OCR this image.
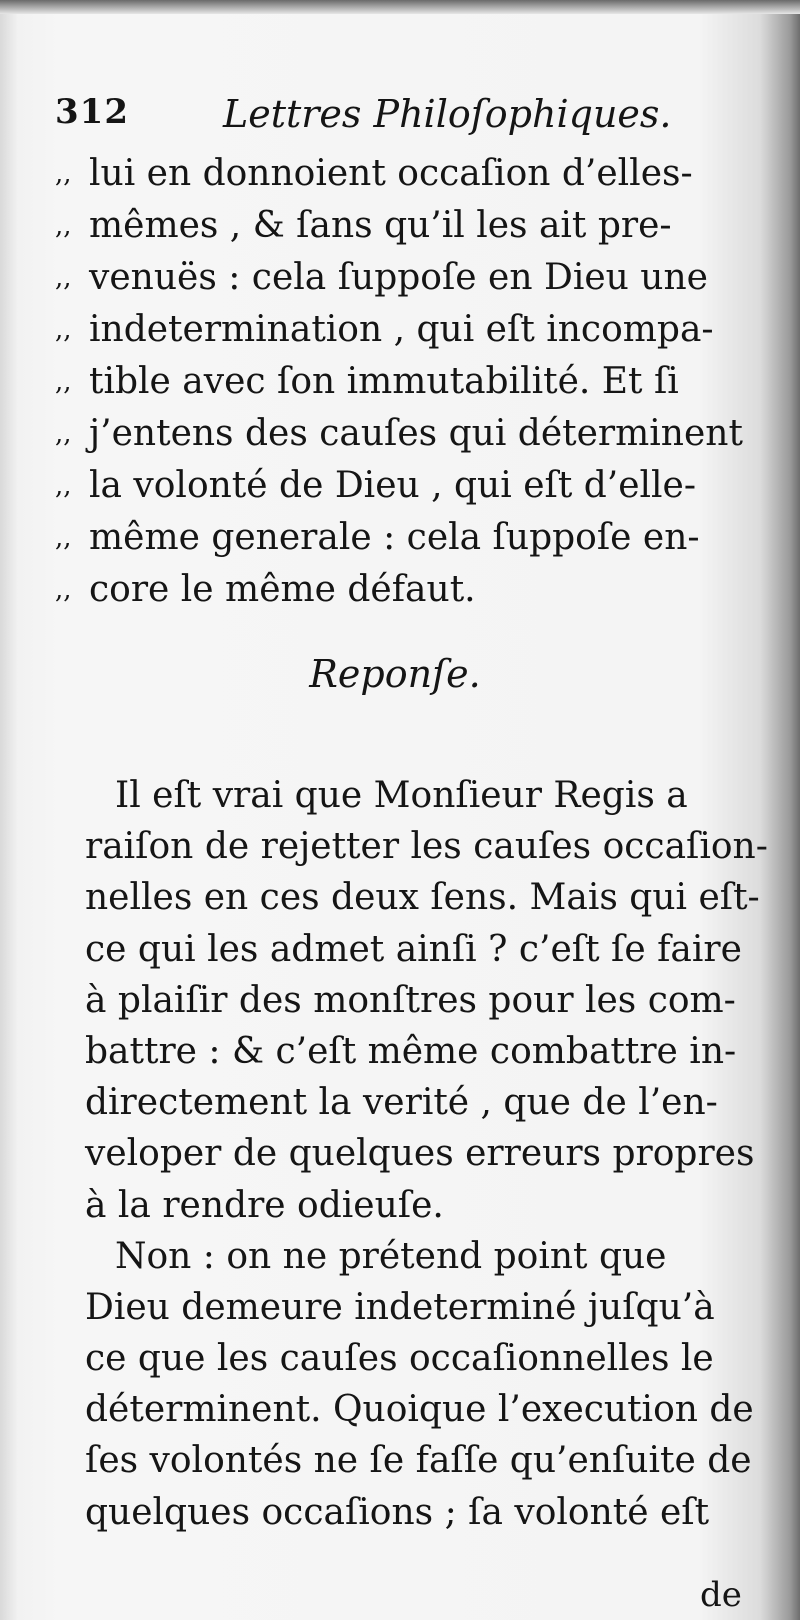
312 Lettres Philoſophiques.
,, lui en donnoient occaſion d’elles-
,, mêmes , & ſans qu’il les ait pre-
,, venuës : cela ſuppoſe en Dieu une
,, indetermination , qui eſt incompa-
,, tible avec ſon immutabilité. Et ſi
,, j’entens des cauſes qui déterminent
,, la volonté de Dieu , qui eſt d’elle-
,, même generale : cela ſuppoſe en-
,, core le même défaut.
Reponſe.
Il eſt vrai que Monſieur Regis a
raiſon de rejetter les cauſes occaſion-
nelles en ces deux ſens. Mais qui eſt-
ce qui les admet ainſi ? c’eſt ſe faire
à plaiſir des monſtres pour les com-
battre : & c’eſt même combattre in-
directement la verité , que de l’en-
veloper de quelques erreurs propres
à la rendre odieuſe.
Non : on ne prétend point que
Dieu demeure indeterminé juſqu’à
ce que les cauſes occaſionnelles le
déterminent. Quoique l’execution de
ſes volontés ne ſe faſſe qu’enſuite de
quelques occaſions ; ſa volonté eſt
de
